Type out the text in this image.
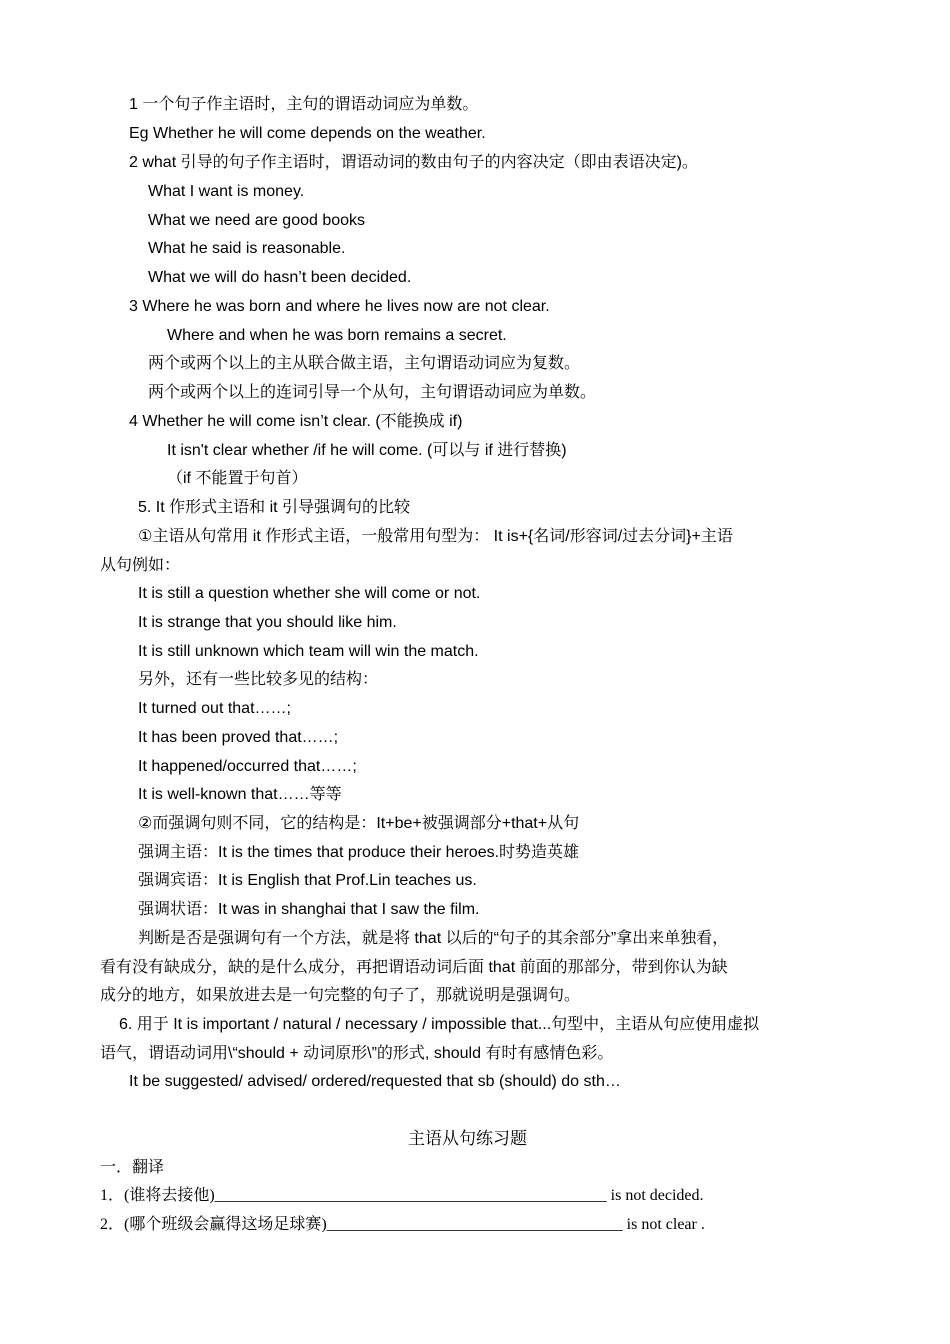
1 一个句子作主语时，主句的谓语动词应为单数。
Eg Whether he will come depends on the weather.
2 what 引导的句子作主语时，谓语动词的数由句子的内容决定（即由表语决定)。
What I want is money.
What we need are good books
What he said is reasonable.
What we will do hasn’t been decided.
3 Where he was born and where he lives now are not clear.
Where and when he was born remains a secret.
两个或两个以上的主从联合做主语，主句谓语动词应为复数。
两个或两个以上的连词引导一个从句，主句谓语动词应为单数。
4 Whether he will come isn’t clear. (不能换成 if)
It isn't clear whether /if he will come. (可以与 if 进行替换)
（if 不能置于句首）
5. It 作形式主语和 it 引导强调句的比较
①主语从句常用 it 作形式主语，一般常用句型为： It is+{名词/形容词/过去分词}+主语
从句例如：
It is still a question whether she will come or not.
It is strange that you should like him.
It is still unknown which team will win the match.
另外，还有一些比较多见的结构：
It turned out that……;
It has been proved that……;
It happened/occurred that……;
It is well-known that……等等
②而强调句则不同，它的结构是：It+be+被强调部分+that+从句
强调主语：It is the times that produce their heroes.时势造英雄
强调宾语：It is English that Prof.Lin teaches us.
强调状语：It was in shanghai that I saw the film.
判断是否是强调句有一个方法，就是将 that 以后的“句子的其余部分”拿出来单独看，
看有没有缺成分，缺的是什么成分，再把谓语动词后面 that 前面的那部分，带到你认为缺
成分的地方，如果放进去是一句完整的句子了，那就说明是强调句。
6. 用于 It is important / natural / necessary / impossible that...句型中，主语从句应使用虚拟
语气，谓语动词用\“should + 动词原形\”的形式, should 有时有感情色彩。
It be suggested/ advised/ ordered/requested that sb (should) do sth…
主语从句练习题
一．翻译
1．(谁将去接他)_________________________________________________ is not decided.
2．(哪个班级会赢得这场足球赛)_____________________________________ is not clear .
